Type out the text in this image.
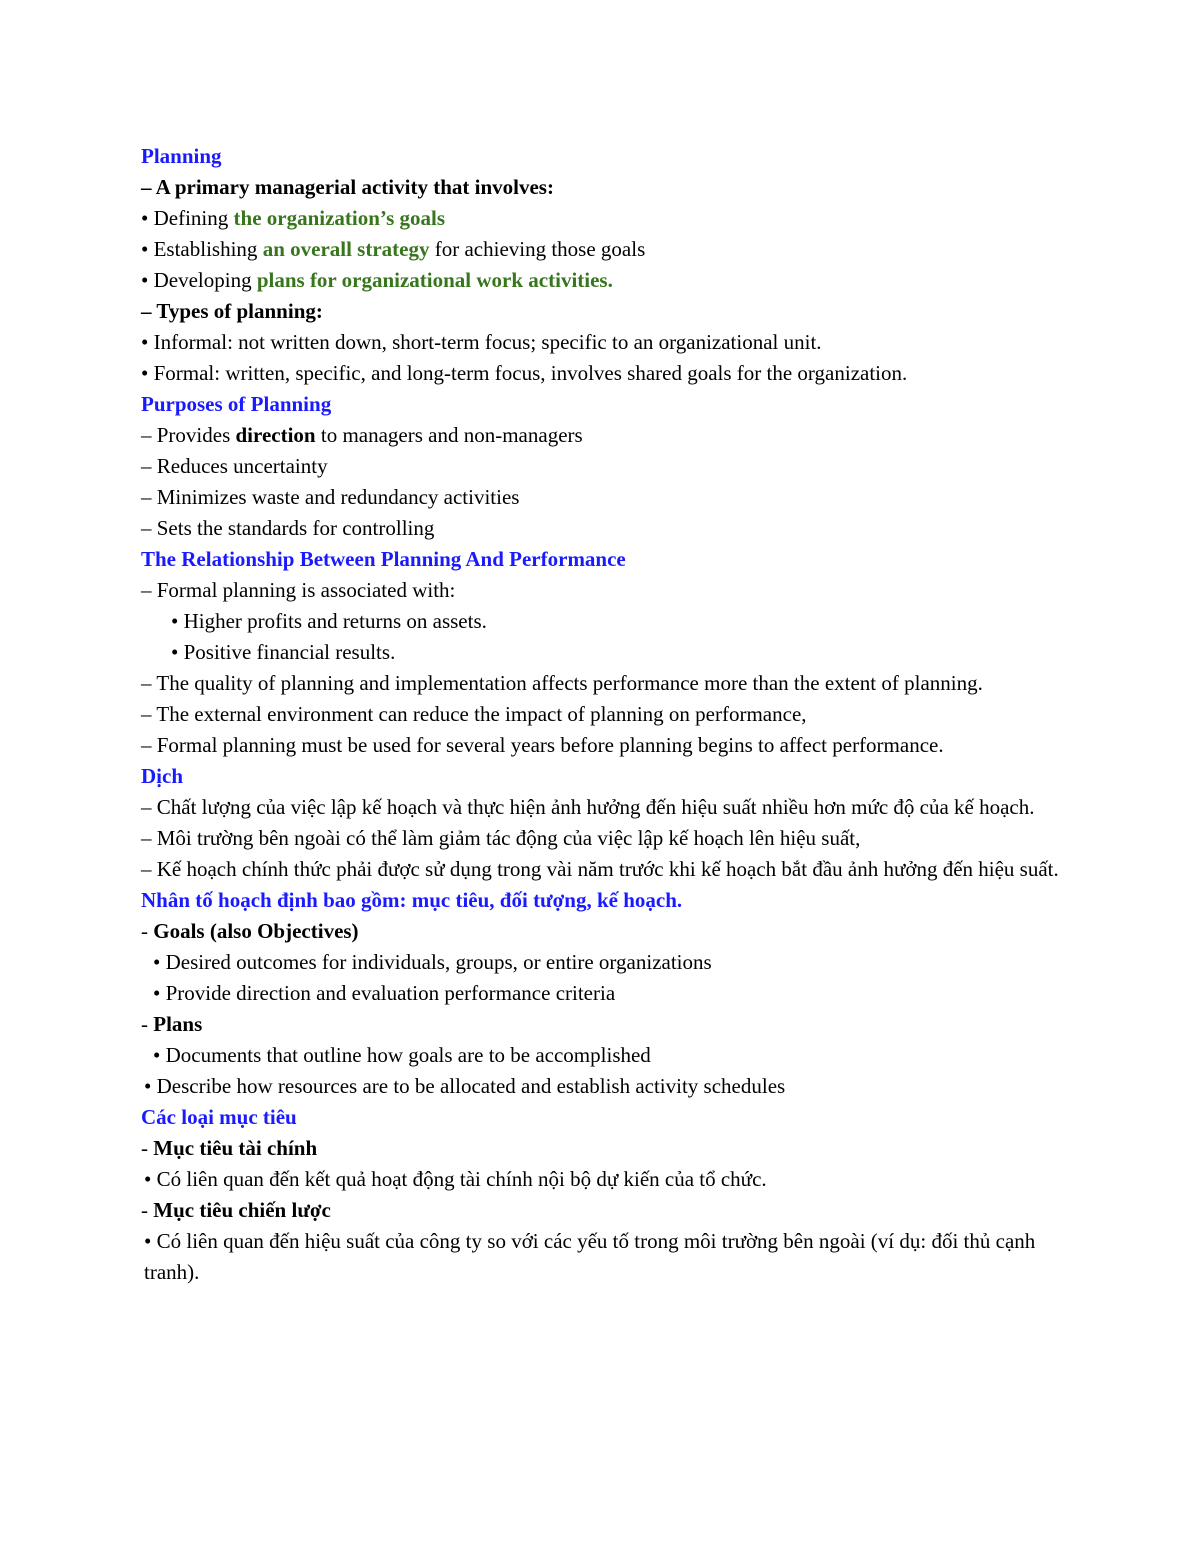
Planning

– A primary managerial activity that involves:

• Defining the organization’s goals

• Establishing an overall strategy for achieving those goals

• Developing plans for organizational work activities.

– Types of planning:

• Informal: not written down, short-term focus; specific to an organizational unit.

• Formal: written, specific, and long-term focus, involves shared goals for the organization.

Purposes of Planning

– Provides direction to managers and non-managers

– Reduces uncertainty

– Minimizes waste and redundancy activities

– Sets the standards for controlling

The Relationship Between Planning And Performance

– Formal planning is associated with:

• Higher profits and returns on assets.

• Positive financial results.

– The quality of planning and implementation affects performance more than the extent of planning.

– The external environment can reduce the impact of planning on performance,

– Formal planning must be used for several years before planning begins to affect performance.

Dịch

– Chất lượng của việc lập kế hoạch và thực hiện ảnh hưởng đến hiệu suất nhiều hơn mức độ của kế hoạch.

– Môi trường bên ngoài có thể làm giảm tác động của việc lập kế hoạch lên hiệu suất,

– Kế hoạch chính thức phải được sử dụng trong vài năm trước khi kế hoạch bắt đầu ảnh hưởng đến hiệu suất.

Nhân tố hoạch định bao gồm: mục tiêu, đối tượng, kế hoạch.

- Goals (also Objectives)

• Desired outcomes for individuals, groups, or entire organizations

• Provide direction and evaluation performance criteria

- Plans

• Documents that outline how goals are to be accomplished

• Describe how resources are to be allocated and establish activity schedules

Các loại mục tiêu

- Mục tiêu tài chính

• Có liên quan đến kết quả hoạt động tài chính nội bộ dự kiến của tổ chức.

- Mục tiêu chiến lược

• Có liên quan đến hiệu suất của công ty so với các yếu tố trong môi trường bên ngoài (ví dụ: đối thủ cạnh tranh).
